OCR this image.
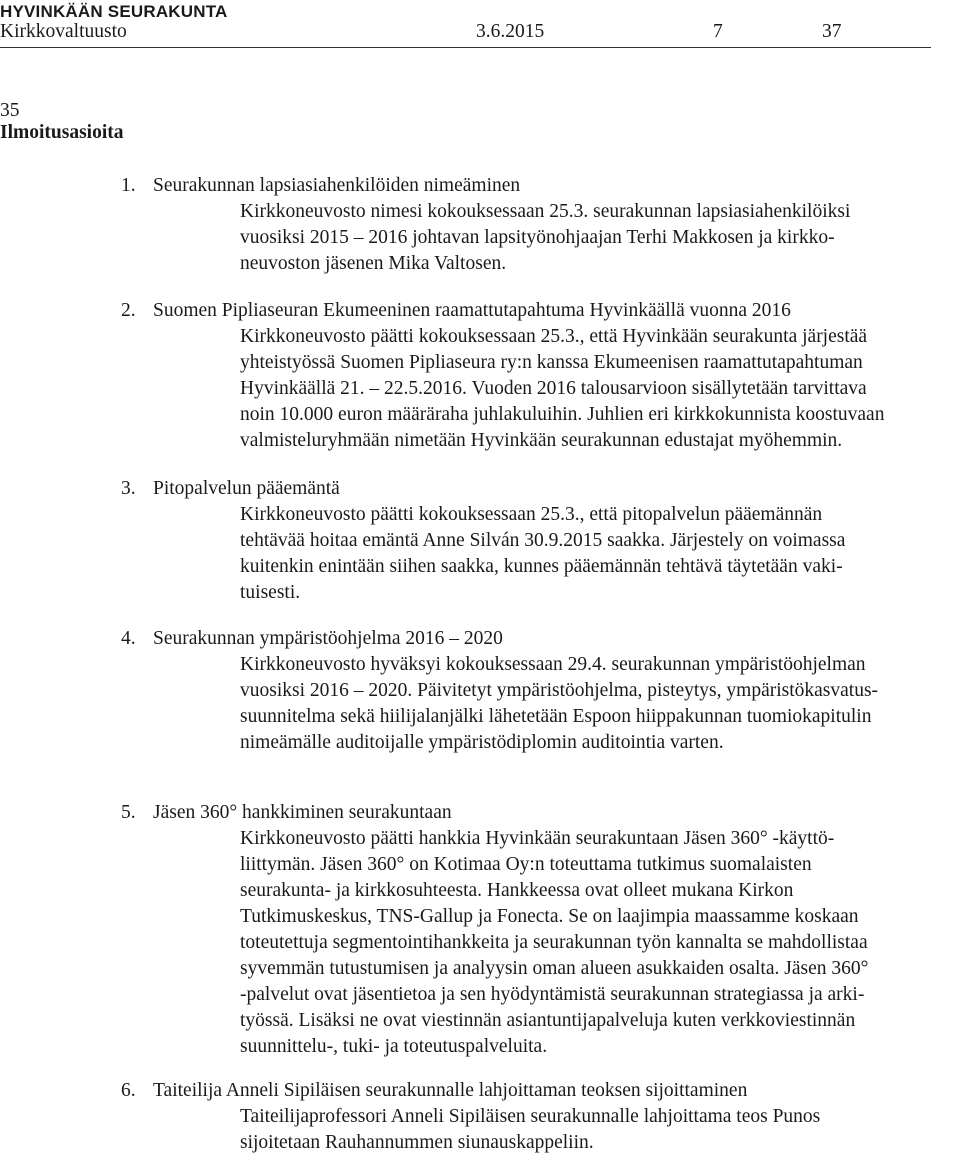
HYVINKÄÄN SEURAKUNTA
Kirkkovaltuusto	3.6.2015	7	37
35
Ilmoitusasioita
1. Seurakunnan lapsiasiahenkilöiden nimeäminen
Kirkkoneuvosto nimesi kokouksessaan 25.3. seurakunnan lapsiasiahenkilöiksi
vuosiksi 2015 – 2016 johtavan lapsityönohjaajan Terhi Makkosen ja kirkko-
neuvoston jäsenen Mika Valtosen.
2. Suomen Pipliaseuran Ekumeeninen raamattutapahtuma Hyvinkäällä vuonna 2016
Kirkkoneuvosto päätti kokouksessaan 25.3., että Hyvinkään seurakunta järjestää
yhteistyössä Suomen Pipliaseura ry:n kanssa Ekumeenisen raamattutapahtuman
Hyvinkäällä 21. – 22.5.2016. Vuoden 2016 talousarvioon sisällytetään tarvittava
noin 10.000 euron määräraha juhlakuluihin. Juhlien eri kirkkokunnista koostuvaan
valmisteluryhmään nimetään Hyvinkään seurakunnan edustajat myöhemmin.
3. Pitopalvelun pääemäntä
Kirkkoneuvosto päätti kokouksessaan 25.3., että pitopalvelun pääemännän
tehtävää hoitaa emäntä Anne Silván 30.9.2015 saakka. Järjestely on voimassa
kuitenkin enintään siihen saakka, kunnes pääemännän tehtävä täytetään vaki-
tuisesti.
4. Seurakunnan ympäristöohjelma 2016 – 2020
Kirkkoneuvosto hyväksyi kokouksessaan 29.4. seurakunnan ympäristöohjelman
vuosiksi 2016 – 2020. Päivitetyt ympäristöohjelma, pisteytys, ympäristökasvatus-
suunnitelma sekä hiilijalanjälki lähetetään Espoon hiippakunnan tuomiokapitulin
nimeämälle auditoijalle ympäristödiplomin auditointia varten.
5. Jäsen 360° hankkiminen seurakuntaan
Kirkkoneuvosto päätti hankkia Hyvinkään seurakuntaan Jäsen 360° -käyttö-
liittymän. Jäsen 360° on Kotimaa Oy:n toteuttama tutkimus suomalaisten
seurakunta- ja kirkkosuhteesta. Hankkeessa ovat olleet mukana Kirkon
Tutkimuskeskus, TNS-Gallup ja Fonecta. Se on laajimpia maassamme koskaan
toteutettuja segmentointihankkeita ja seurakunnan työn kannalta se mahdollistaa
syvemmän tutustumisen ja analyysin oman alueen asukkaiden osalta. Jäsen 360°
-palvelut ovat jäsentietoa ja sen hyödyntämistä seurakunnan strategiassa ja arki-
työssä. Lisäksi ne ovat viestinnän asiantuntijapalveluja kuten verkkoviestinnän
suunnittelu-, tuki- ja toteutuspalveluita.
6. Taiteilija Anneli Sipiläisen seurakunnalle lahjoittaman teoksen sijoittaminen
Taiteilijaprofessori Anneli Sipiläisen seurakunnalle lahjoittama teos Punos
sijoitetaan Rauhannummen siunauskappeliin.
